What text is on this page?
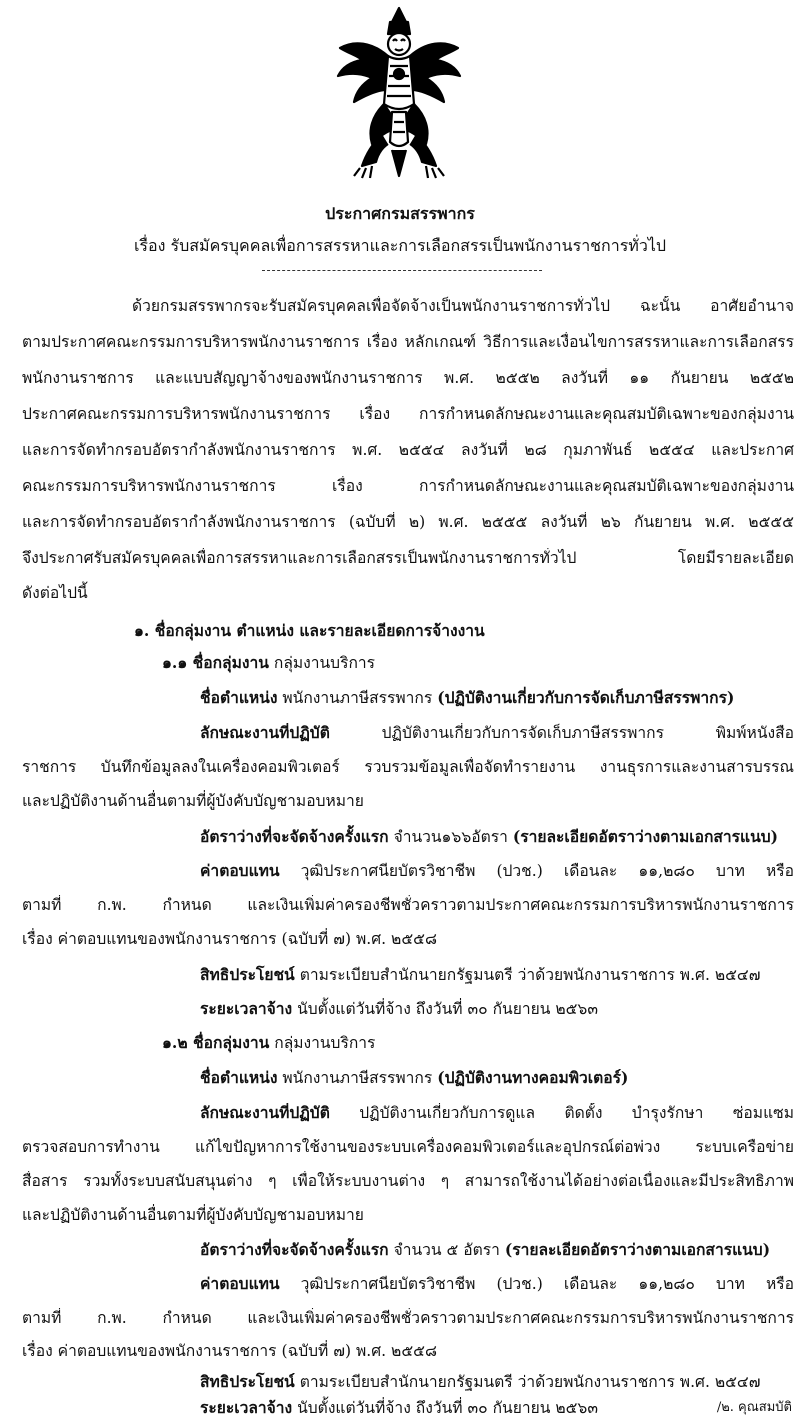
ประกาศกรมสรรพากร
เรื่อง รับสมัครบุคคลเพื่อการสรรหาและการเลือกสรรเป็นพนักงานราชการทั่วไป
ด้วยกรมสรรพากรจะรับสมัครบุคคลเพื่อจัดจ้างเป็นพนักงานราชการทั่วไป ฉะนั้น อาศัยอำนาจ
ตามประกาศคณะกรรมการบริหารพนักงานราชการ เรื่อง หลักเกณฑ์ วิธีการและเงื่อนไขการสรรหาและการเลือกสรร
พนักงานราชการ และแบบสัญญาจ้างของพนักงานราชการ พ.ศ. ๒๕๕๒ ลงวันที่ ๑๑ กันยายน ๒๕๕๒
ประกาศคณะกรรมการบริหารพนักงานราชการ เรื่อง การกำหนดลักษณะงานและคุณสมบัติเฉพาะของกลุ่มงาน
และการจัดทำกรอบอัตรากำลังพนักงานราชการ พ.ศ. ๒๕๕๔ ลงวันที่ ๒๘ กุมภาพันธ์ ๒๕๕๔ และประกาศ
คณะกรรมการบริหารพนักงานราชการ เรื่อง การกำหนดลักษณะงานและคุณสมบัติเฉพาะของกลุ่มงาน
และการจัดทำกรอบอัตรากำลังพนักงานราชการ (ฉบับที่ ๒) พ.ศ. ๒๕๕๕ ลงวันที่ ๒๖ กันยายน พ.ศ. ๒๕๕๕
จึงประกาศรับสมัครบุคคลเพื่อการสรรหาและการเลือกสรรเป็นพนักงานราชการทั่วไป โดยมีรายละเอียด
ดังต่อไปนี้
๑. ชื่อกลุ่มงาน ตำแหน่ง และรายละเอียดการจ้างงาน
๑.๑ ชื่อกลุ่มงาน กลุ่มงานบริการ
ชื่อตำแหน่ง พนักงานภาษีสรรพากร (ปฏิบัติงานเกี่ยวกับการจัดเก็บภาษีสรรพากร)
ลักษณะงานที่ปฏิบัติ ปฏิบัติงานเกี่ยวกับการจัดเก็บภาษีสรรพากร พิมพ์หนังสือ
ราชการ บันทึกข้อมูลลงในเครื่องคอมพิวเตอร์ รวบรวมข้อมูลเพื่อจัดทำรายงาน งานธุรการและงานสารบรรณ
และปฏิบัติงานด้านอื่นตามที่ผู้บังคับบัญชามอบหมาย
อัตราว่างที่จะจัดจ้างครั้งแรก จำนวน๑๖๖อัตรา (รายละเอียดอัตราว่างตามเอกสารแนบ)
ค่าตอบแทน วุฒิประกาศนียบัตรวิชาชีพ (ปวช.) เดือนละ ๑๑,๒๘๐ บาท หรือ
ตามที่ ก.พ. กำหนด และเงินเพิ่มค่าครองชีพชั่วคราวตามประกาศคณะกรรมการบริหารพนักงานราชการ
เรื่อง ค่าตอบแทนของพนักงานราชการ (ฉบับที่ ๗) พ.ศ. ๒๕๕๘
สิทธิประโยชน์ ตามระเบียบสำนักนายกรัฐมนตรี ว่าด้วยพนักงานราชการ พ.ศ. ๒๕๔๗
ระยะเวลาจ้าง นับตั้งแต่วันที่จ้าง ถึงวันที่ ๓๐ กันยายน ๒๕๖๓
๑.๒ ชื่อกลุ่มงาน กลุ่มงานบริการ
ชื่อตำแหน่ง พนักงานภาษีสรรพากร (ปฏิบัติงานทางคอมพิวเตอร์)
ลักษณะงานที่ปฏิบัติ ปฏิบัติงานเกี่ยวกับการดูแล ติดตั้ง บำรุงรักษา ซ่อมแซม
ตรวจสอบการทำงาน แก้ไขปัญหาการใช้งานของระบบเครื่องคอมพิวเตอร์และอุปกรณ์ต่อพ่วง ระบบเครือข่าย
สื่อสาร รวมทั้งระบบสนับสนุนต่าง ๆ เพื่อให้ระบบงานต่าง ๆ สามารถใช้งานได้อย่างต่อเนื่องและมีประสิทธิภาพ
และปฏิบัติงานด้านอื่นตามที่ผู้บังคับบัญชามอบหมาย
อัตราว่างที่จะจัดจ้างครั้งแรก จำนวน ๕ อัตรา (รายละเอียดอัตราว่างตามเอกสารแนบ)
ค่าตอบแทน วุฒิประกาศนียบัตรวิชาชีพ (ปวช.) เดือนละ ๑๑,๒๘๐ บาท หรือ
ตามที่ ก.พ. กำหนด และเงินเพิ่มค่าครองชีพชั่วคราวตามประกาศคณะกรรมการบริหารพนักงานราชการ
เรื่อง ค่าตอบแทนของพนักงานราชการ (ฉบับที่ ๗) พ.ศ. ๒๕๕๘
สิทธิประโยชน์ ตามระเบียบสำนักนายกรัฐมนตรี ว่าด้วยพนักงานราชการ พ.ศ. ๒๕๔๗
ระยะเวลาจ้าง นับตั้งแต่วันที่จ้าง ถึงวันที่ ๓๐ กันยายน ๒๕๖๓	/๒. คุณสมบัติ
